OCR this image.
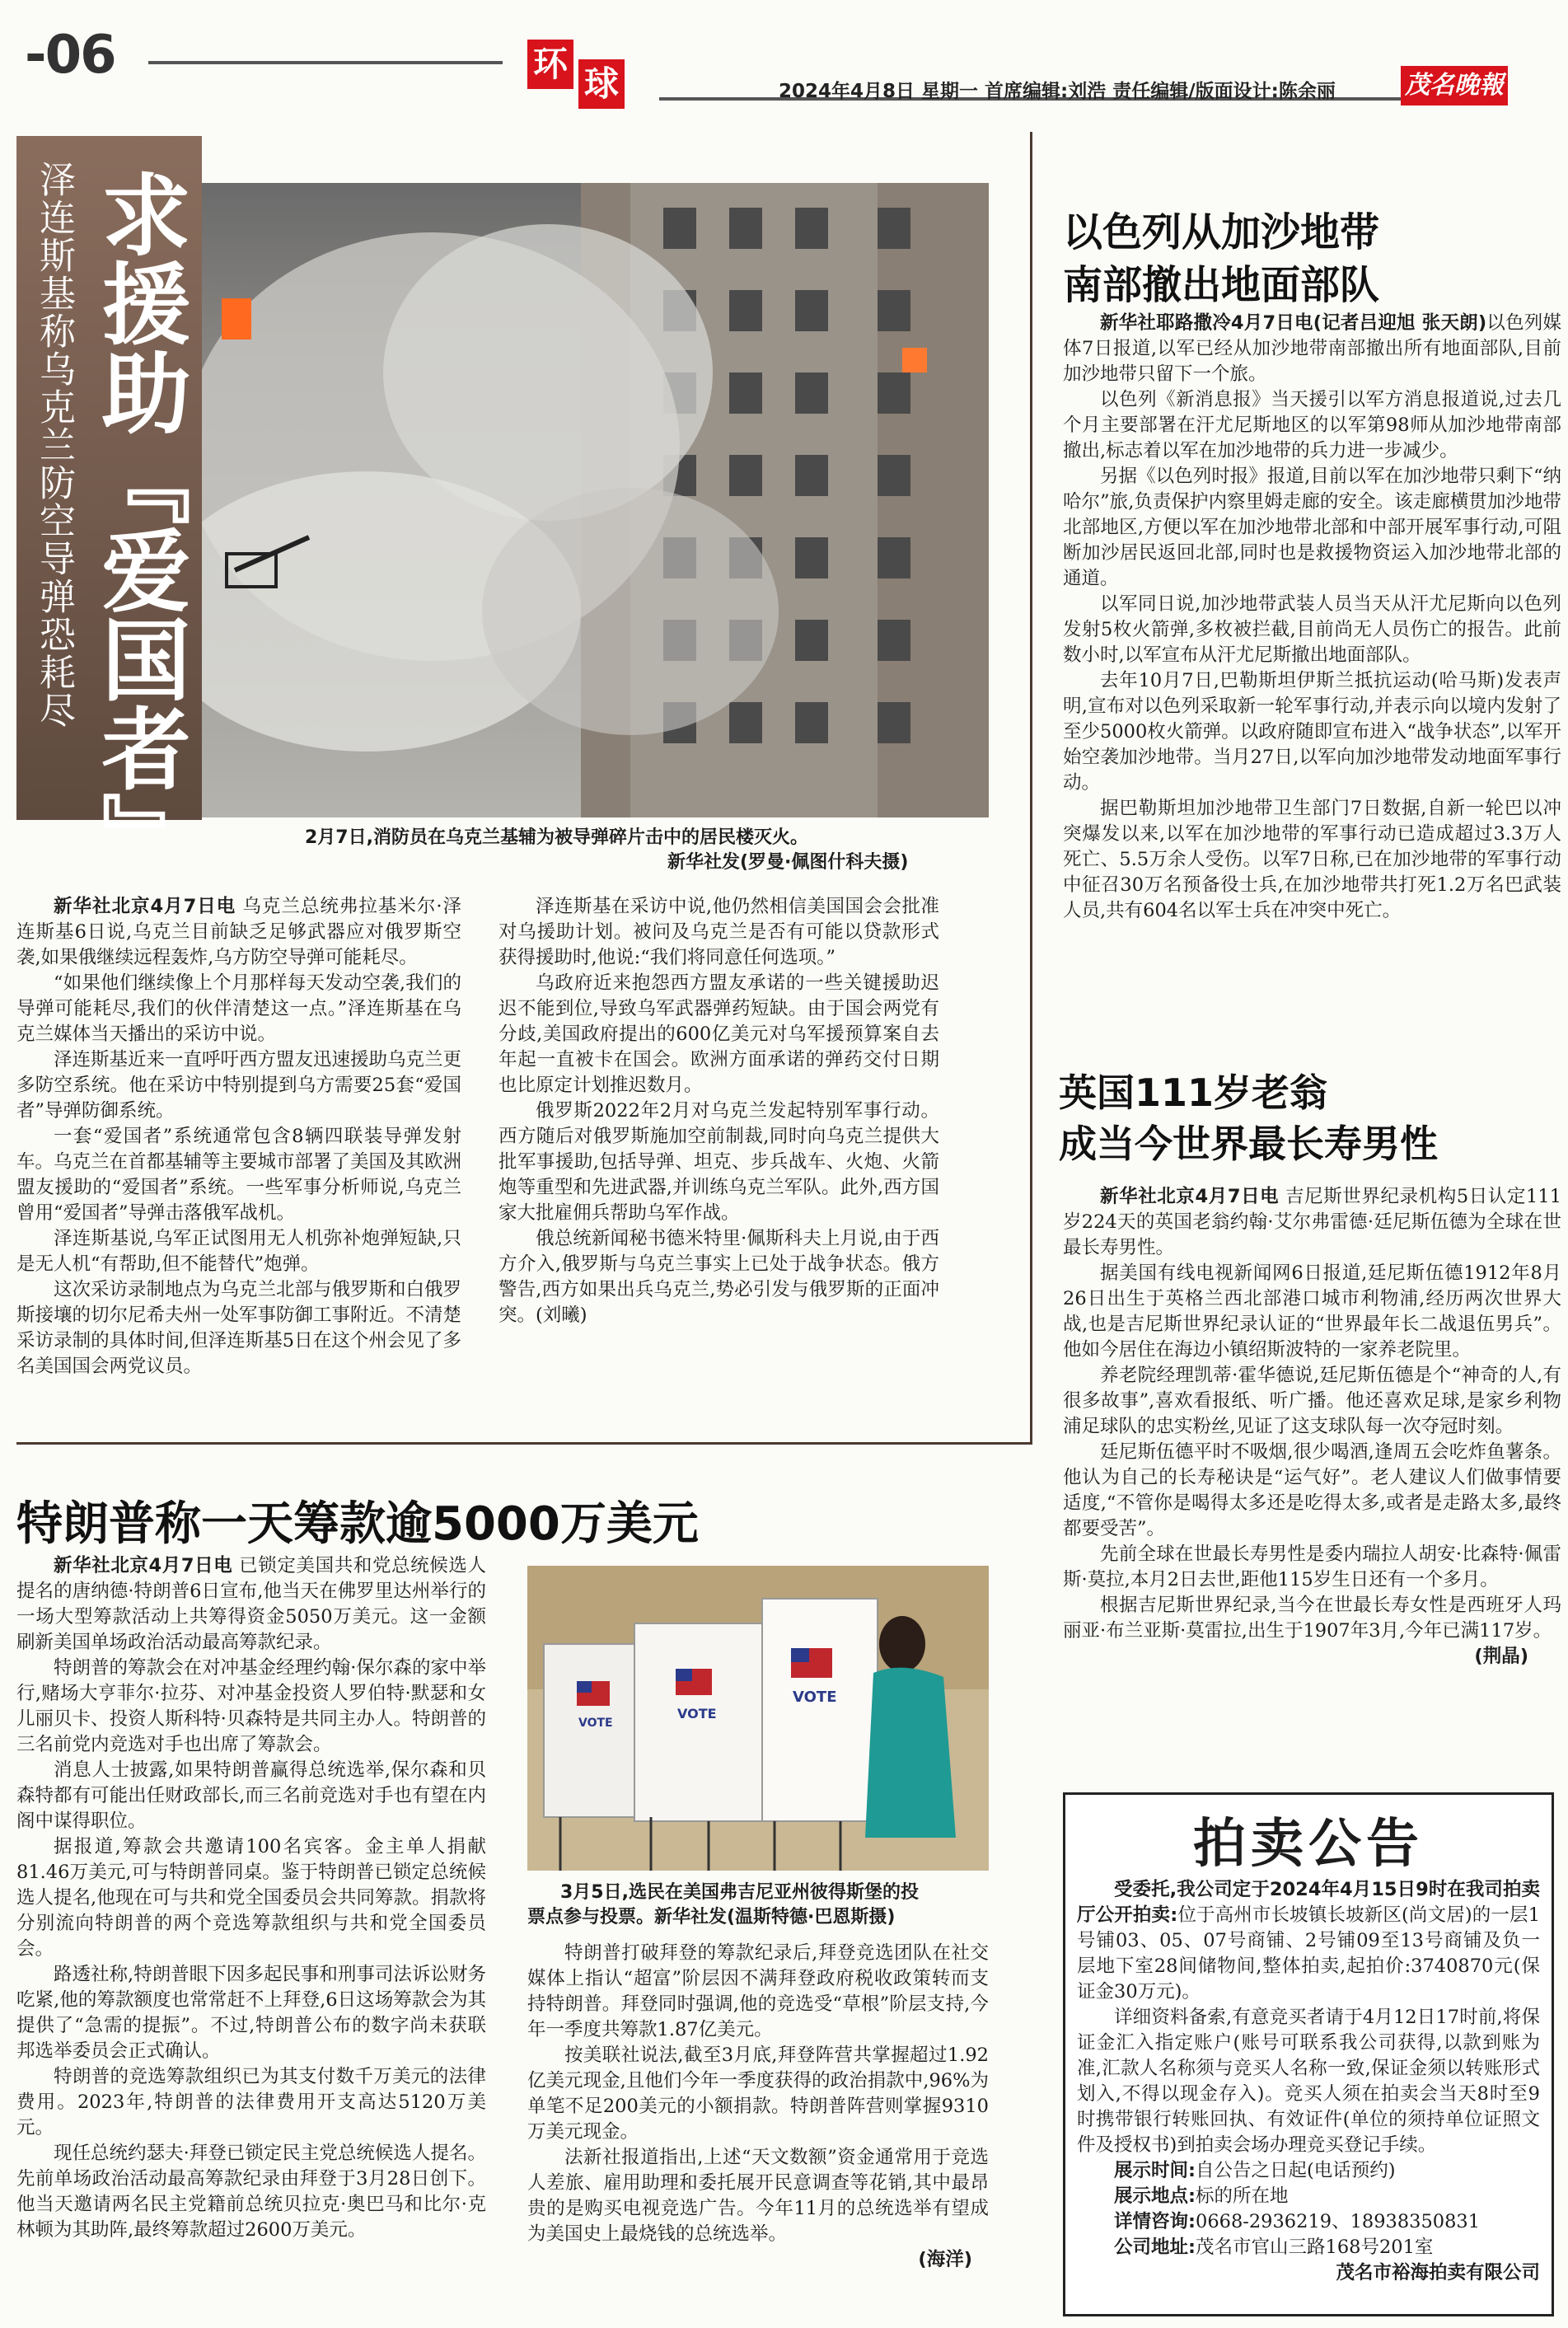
-06	环 球	2024年4月8日 星期一 首席编辑:刘浩 责任编辑/版面设计:陈余丽	茂名晚報
泽连斯基称乌克兰防空导弹恐耗尽 求援助『爱国者』	2月7日,消防员在乌克兰基辅为被导弹碎片击中的居民楼灭火。
新华社发(罗曼·佩图什科夫摄)

新华社北京4月7日电 乌克兰总统弗拉基米尔·泽连斯基6日说,乌克兰目前缺乏足够武器应对俄罗斯空袭,如果俄继续远程轰炸,乌方防空导弹可能耗尽。

“如果他们继续像上个月那样每天发动空袭,我们的导弹可能耗尽,我们的伙伴清楚这一点。”泽连斯基在乌克兰媒体当天播出的采访中说。

泽连斯基近来一直呼吁西方盟友迅速援助乌克兰更多防空系统。他在采访中特别提到乌方需要25套“爱国者”导弹防御系统。

一套“爱国者”系统通常包含8辆四联装导弹发射车。乌克兰在首都基辅等主要城市部署了美国及其欧洲盟友援助的“爱国者”系统。一些军事分析师说,乌克兰曾用“爱国者”导弹击落俄军战机。

泽连斯基说,乌军正试图用无人机弥补炮弹短缺,只是无人机“有帮助,但不能替代”炮弹。

这次采访录制地点为乌克兰北部与俄罗斯和白俄罗斯接壤的切尔尼希夫州一处军事防御工事附近。不清楚采访录制的具体时间,但泽连斯基5日在这个州会见了多名美国国会两党议员。

泽连斯基在采访中说,他仍然相信美国国会会批准对乌援助计划。被问及乌克兰是否有可能以贷款形式获得援助时,他说:“我们将同意任何选项。”

乌政府近来抱怨西方盟友承诺的一些关键援助迟迟不能到位,导致乌军武器弹药短缺。由于国会两党有分歧,美国政府提出的600亿美元对乌军援预算案自去年起一直被卡在国会。欧洲方面承诺的弹药交付日期也比原定计划推迟数月。

俄罗斯2022年2月对乌克兰发起特别军事行动。西方随后对俄罗斯施加空前制裁,同时向乌克兰提供大批军事援助,包括导弹、坦克、步兵战车、火炮、火箭炮等重型和先进武器,并训练乌克兰军队。此外,西方国家大批雇佣兵帮助乌军作战。

俄总统新闻秘书德米特里·佩斯科夫上月说,由于西方介入,俄罗斯与乌克兰事实上已处于战争状态。俄方警告,西方如果出兵乌克兰,势必引发与俄罗斯的正面冲突。(刘曦)

以色列从加沙地带
南部撤出地面部队

新华社耶路撒冷4月7日电(记者吕迎旭 张天朗)以色列媒体7日报道,以军已经从加沙地带南部撤出所有地面部队,目前加沙地带只留下一个旅。

以色列《新消息报》当天援引以军方消息报道说,过去几个月主要部署在汗尤尼斯地区的以军第98师从加沙地带南部撤出,标志着以军在加沙地带的兵力进一步减少。

另据《以色列时报》报道,目前以军在加沙地带只剩下“纳哈尔”旅,负责保护内察里姆走廊的安全。该走廊横贯加沙地带北部地区,方便以军在加沙地带北部和中部开展军事行动,可阻断加沙居民返回北部,同时也是救援物资运入加沙地带北部的通道。

以军同日说,加沙地带武装人员当天从汗尤尼斯向以色列发射5枚火箭弹,多枚被拦截,目前尚无人员伤亡的报告。此前数小时,以军宣布从汗尤尼斯撤出地面部队。

去年10月7日,巴勒斯坦伊斯兰抵抗运动(哈马斯)发表声明,宣布对以色列采取新一轮军事行动,并表示向以境内发射了至少5000枚火箭弹。以政府随即宣布进入“战争状态”,以军开始空袭加沙地带。当月27日,以军向加沙地带发动地面军事行动。

据巴勒斯坦加沙地带卫生部门7日数据,自新一轮巴以冲突爆发以来,以军在加沙地带的军事行动已造成超过3.3万人死亡、5.5万余人受伤。以军7日称,已在加沙地带的军事行动中征召30万名预备役士兵,在加沙地带共打死1.2万名巴武装人员,共有604名以军士兵在冲突中死亡。

英国111岁老翁
成当今世界最长寿男性

新华社北京4月7日电 吉尼斯世界纪录机构5日认定111岁224天的英国老翁约翰·艾尔弗雷德·廷尼斯伍德为全球在世最长寿男性。

据美国有线电视新闻网6日报道,廷尼斯伍德1912年8月26日出生于英格兰西北部港口城市利物浦,经历两次世界大战,也是吉尼斯世界纪录认证的“世界最年长二战退伍男兵”。他如今居住在海边小镇绍斯波特的一家养老院里。

养老院经理凯蒂·霍华德说,廷尼斯伍德是个“神奇的人,有很多故事”,喜欢看报纸、听广播。他还喜欢足球,是家乡利物浦足球队的忠实粉丝,见证了这支球队每一次夺冠时刻。

廷尼斯伍德平时不吸烟,很少喝酒,逢周五会吃炸鱼薯条。他认为自己的长寿秘诀是“运气好”。老人建议人们做事情要适度,“不管你是喝得太多还是吃得太多,或者是走路太多,最终都要受苦”。

先前全球在世最长寿男性是委内瑞拉人胡安·比森特·佩雷斯·莫拉,本月2日去世,距他115岁生日还有一个多月。

根据吉尼斯世界纪录,当今在世最长寿女性是西班牙人玛丽亚·布兰亚斯·莫雷拉,出生于1907年3月,今年已满117岁。

(荆晶)
特朗普称一天筹款逾5000万美元

新华社北京4月7日电 已锁定美国共和党总统候选人提名的唐纳德·特朗普6日宣布,他当天在佛罗里达州举行的一场大型筹款活动上共筹得资金5050万美元。这一金额刷新美国单场政治活动最高筹款纪录。

特朗普的筹款会在对冲基金经理约翰·保尔森的家中举行,赌场大亨菲尔·拉芬、对冲基金投资人罗伯特·默瑟和女儿丽贝卡、投资人斯科特·贝森特是共同主办人。特朗普的三名前党内竞选对手也出席了筹款会。

消息人士披露,如果特朗普赢得总统选举,保尔森和贝森特都有可能出任财政部长,而三名前竞选对手也有望在内阁中谋得职位。

据报道,筹款会共邀请100名宾客。金主单人捐献81.46万美元,可与特朗普同桌。鉴于特朗普已锁定总统候选人提名,他现在可与共和党全国委员会共同筹款。捐款将分别流向特朗普的两个竞选筹款组织与共和党全国委员会。

路透社称,特朗普眼下因多起民事和刑事司法诉讼财务吃紧,他的筹款额度也常常赶不上拜登,6日这场筹款会为其提供了“急需的提振”。不过,特朗普公布的数字尚未获联邦选举委员会正式确认。

特朗普的竞选筹款组织已为其支付数千万美元的法律费用。2023年,特朗普的法律费用开支高达5120万美元。

现任总统约瑟夫·拜登已锁定民主党总统候选人提名。先前单场政治活动最高筹款纪录由拜登于3月28日创下。他当天邀请两名民主党籍前总统贝拉克·奥巴马和比尔·克林顿为其助阵,最终筹款超过2600万美元。

VOTE
VOTE
VOTE
3月5日,选民在美国弗吉尼亚州彼得斯堡的投
票点参与投票。新华社发(温斯特德·巴恩斯摄)

特朗普打破拜登的筹款纪录后,拜登竞选团队在社交媒体上指认“超富”阶层因不满拜登政府税收政策转而支持特朗普。拜登同时强调,他的竞选受“草根”阶层支持,今年一季度共筹款1.87亿美元。

按美联社说法,截至3月底,拜登阵营共掌握超过1.92亿美元现金,且他们今年一季度获得的政治捐款中,96%为单笔不足200美元的小额捐款。特朗普阵营则掌握9310万美元现金。

法新社报道指出,上述“天文数额”资金通常用于竞选人差旅、雇用助理和委托展开民意调查等花销,其中最昂贵的是购买电视竞选广告。今年11月的总统选举有望成为美国史上最烧钱的总统选举。

(海洋)
拍卖公告

受委托,我公司定于2024年4月15日9时在我司拍卖厅公开拍卖:位于高州市长坡镇长坡新区(尚文居)的一层1号铺03、05、07号商铺、2号铺09至13号商铺及负一层地下室28间储物间,整体拍卖,起拍价:3740870元(保证金30万元)。

详细资料备索,有意竞买者请于4月12日17时前,将保证金汇入指定账户(账号可联系我公司获得,以款到账为准,汇款人名称须与竞买人名称一致,保证金须以转账形式划入,不得以现金存入)。竞买人须在拍卖会当天8时至9时携带银行转账回执、有效证件(单位的须持单位证照文件及授权书)到拍卖会场办理竞买登记手续。

展示时间:自公告之日起(电话预约)

展示地点:标的所在地

详情咨询:0668-2936219、18938350831

公司地址:茂名市官山三路168号201室

茂名市裕海拍卖有限公司
